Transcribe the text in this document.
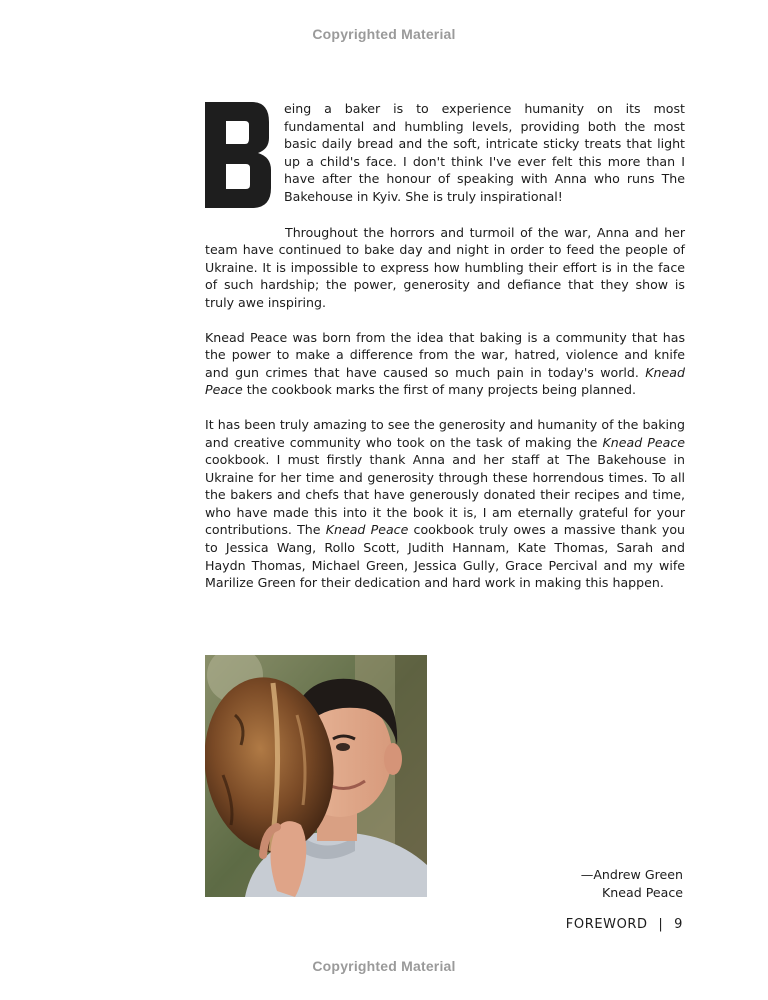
Copyrighted Material

eing a baker is to experience humanity on its most fundamental and humbling levels, providing both the most basic daily bread and the soft, intricate sticky treats that light up a child's face. I don't think I've ever felt this more than I have after the honour of speaking with Anna who runs The Bakehouse in Kyiv. She is truly inspirational!

Throughout the horrors and turmoil of the war, Anna and her team have continued to bake day and night in order to feed the people of Ukraine. It is impossible to express how humbling their effort is in the face of such hardship; the power, generosity and defiance that they show is truly awe inspiring.

Knead Peace was born from the idea that baking is a community that has the power to make a difference from the war, hatred, violence and knife and gun crimes that have caused so much pain in today's world. Knead Peace the cookbook marks the first of many projects being planned.

It has been truly amazing to see the generosity and humanity of the baking and creative community who took on the task of making the Knead Peace cookbook. I must firstly thank Anna and her staff at The Bakehouse in Ukraine for her time and generosity through these horrendous times. To all the bakers and chefs that have generously donated their recipes and time, who have made this into it the book it is, I am eternally grateful for your contributions. The Knead Peace cookbook truly owes a massive thank you to Jessica Wang, Rollo Scott, Judith Hannam, Kate Thomas, Sarah and Haydn Thomas, Michael Green, Jessica Gully, Grace Percival and my wife Marilize Green for their dedication and hard work in making this happen.

—Andrew Green
Knead Peace
FOREWORD | 9
Copyrighted Material
